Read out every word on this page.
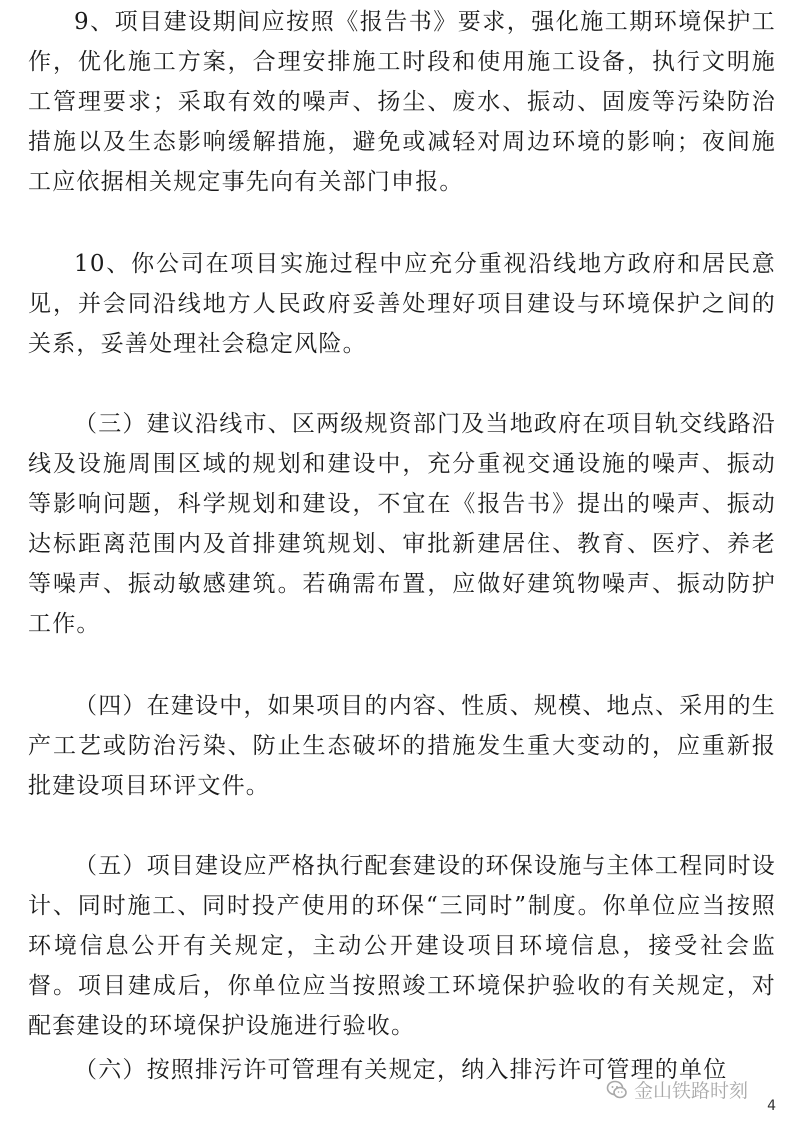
9、项目建设期间应按照《报告书》要求，强化施工期环境保护工作，优化施工方案，合理安排施工时段和使用施工设备，执行文明施工管理要求；采取有效的噪声、扬尘、废水、振动、固废等污染防治措施以及生态影响缓解措施，避免或减轻对周边环境的影响；夜间施工应依据相关规定事先向有关部门申报。

10、你公司在项目实施过程中应充分重视沿线地方政府和居民意见，并会同沿线地方人民政府妥善处理好项目建设与环境保护之间的关系，妥善处理社会稳定风险。

（三）建议沿线市、区两级规资部门及当地政府在项目轨交线路沿线及设施周围区域的规划和建设中，充分重视交通设施的噪声、振动等影响问题，科学规划和建设，不宜在《报告书》提出的噪声、振动达标距离范围内及首排建筑规划、审批新建居住、教育、医疗、养老等噪声、振动敏感建筑。若确需布置，应做好建筑物噪声、振动防护工作。

（四）在建设中，如果项目的内容、性质、规模、地点、采用的生产工艺或防治污染、防止生态破坏的措施发生重大变动的，应重新报批建设项目环评文件。

（五）项目建设应严格执行配套建设的环保设施与主体工程同时设计、同时施工、同时投产使用的环保“三同时”制度。你单位应当按照环境信息公开有关规定，主动公开建设项目环境信息，接受社会监督。项目建成后，你单位应当按照竣工环境保护验收的有关规定，对配套建设的环境保护设施进行验收。

（六）按照排污许可管理有关规定，纳入排污许可管理的单位

金山铁路时刻
4
